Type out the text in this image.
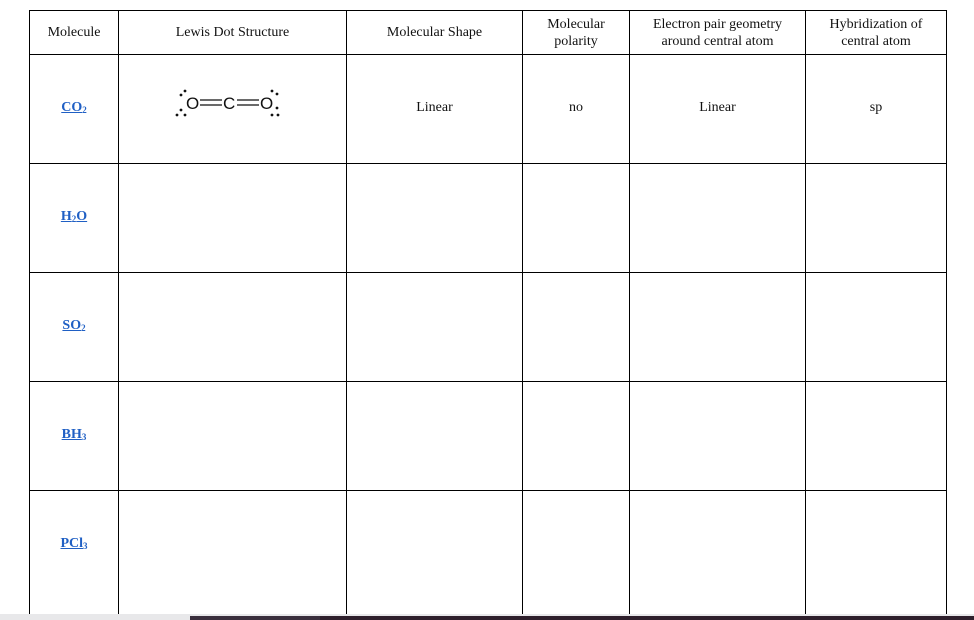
Molecule	Lewis Dot Structure	Molecular Shape	Molecular polarity	Electron pair geometry around central atom	Hybridization of central atom
$CO_2$	O C O	Linear	no	Linear	sp
$H_2O$					
$SO_2$					
$BH_3$					
PCl$_3$					
